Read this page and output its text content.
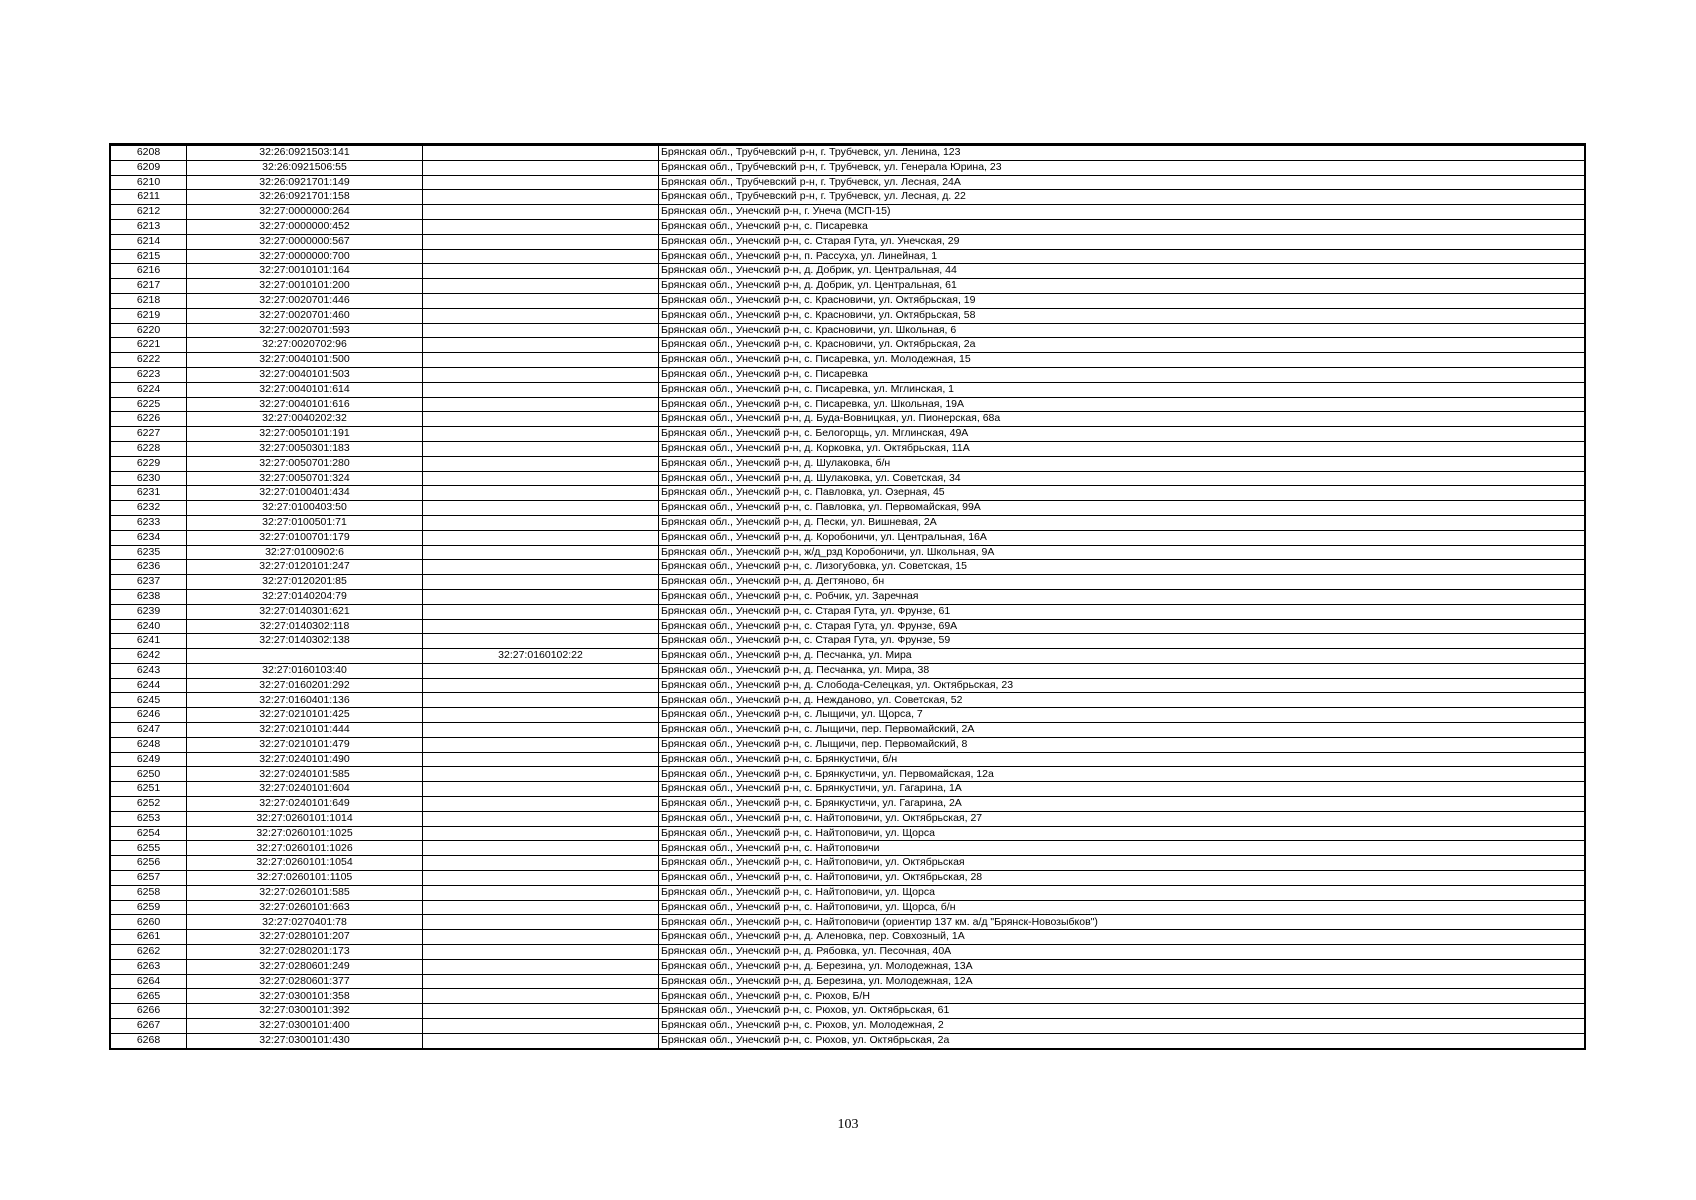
6208	32:26:0921503:141		Брянская обл., Трубчевский р-н, г. Трубчевск, ул. Ленина, 123
6209	32:26:0921506:55		Брянская обл., Трубчевский р-н, г. Трубчевск, ул. Генерала Юрина, 23
6210	32:26:0921701:149		Брянская обл., Трубчевский р-н, г. Трубчевск, ул. Лесная, 24А
6211	32:26:0921701:158		Брянская обл., Трубчевский р-н, г. Трубчевск, ул. Лесная, д. 22
6212	32:27:0000000:264		Брянская обл., Унечский р-н, г. Унеча (МСП-15)
6213	32:27:0000000:452		Брянская обл., Унечский р-н, с. Писаревка
6214	32:27:0000000:567		Брянская обл., Унечский р-н, с. Старая Гута, ул. Унечская, 29
6215	32:27:0000000:700		Брянская обл., Унечский р-н, п. Рассуха, ул. Линейная, 1
6216	32:27:0010101:164		Брянская обл., Унечский р-н, д. Добрик, ул. Центральная, 44
6217	32:27:0010101:200		Брянская обл., Унечский р-н, д. Добрик, ул. Центральная, 61
6218	32:27:0020701:446		Брянская обл., Унечский р-н, с. Красновичи, ул. Октябрьская, 19
6219	32:27:0020701:460		Брянская обл., Унечский р-н, с. Красновичи, ул. Октябрьская, 58
6220	32:27:0020701:593		Брянская обл., Унечский р-н, с. Красновичи, ул. Школьная, 6
6221	32:27:0020702:96		Брянская обл., Унечский р-н, с. Красновичи, ул. Октябрьская, 2а
6222	32:27:0040101:500		Брянская обл., Унечский р-н, с. Писаревка, ул. Молодежная, 15
6223	32:27:0040101:503		Брянская обл., Унечский р-н, с. Писаревка
6224	32:27:0040101:614		Брянская обл., Унечский р-н, с. Писаревка, ул. Мглинская, 1
6225	32:27:0040101:616		Брянская обл., Унечский р-н, с. Писаревка, ул. Школьная, 19А
6226	32:27:0040202:32		Брянская обл., Унечский р-н, д. Буда-Вовницкая, ул. Пионерская, 68а
6227	32:27:0050101:191		Брянская обл., Унечский р-н, с. Белогорщь, ул. Мглинская, 49А
6228	32:27:0050301:183		Брянская обл., Унечский р-н, д. Корковка, ул. Октябрьская, 11А
6229	32:27:0050701:280		Брянская обл., Унечский р-н, д. Шулаковка, б/н
6230	32:27:0050701:324		Брянская обл., Унечский р-н, д. Шулаковка, ул. Советская, 34
6231	32:27:0100401:434		Брянская обл., Унечский р-н, с. Павловка, ул. Озерная, 45
6232	32:27:0100403:50		Брянская обл., Унечский р-н, с. Павловка, ул. Первомайская, 99А
6233	32:27:0100501:71		Брянская обл., Унечский р-н, д. Пески, ул. Вишневая, 2А
6234	32:27:0100701:179		Брянская обл., Унечский р-н, д. Коробоничи, ул. Центральная, 16А
6235	32:27:0100902:6		Брянская обл., Унечский р-н, ж/д_рзд Коробоничи, ул. Школьная, 9А
6236	32:27:0120101:247		Брянская обл., Унечский р-н, с. Лизогубовка, ул. Советская, 15
6237	32:27:0120201:85		Брянская обл., Унечский р-н, д. Дегтяново, бн
6238	32:27:0140204:79		Брянская обл., Унечский р-н, с. Робчик, ул. Заречная
6239	32:27:0140301:621		Брянская обл., Унечский р-н, с. Старая Гута, ул. Фрунзе, 61
6240	32:27:0140302:118		Брянская обл., Унечский р-н, с. Старая Гута, ул. Фрунзе, 69А
6241	32:27:0140302:138		Брянская обл., Унечский р-н, с. Старая Гута, ул. Фрунзе, 59
6242		32:27:0160102:22	Брянская обл., Унечский р-н, д. Песчанка, ул. Мира
6243	32:27:0160103:40		Брянская обл., Унечский р-н, д. Песчанка, ул. Мира, 38
6244	32:27:0160201:292		Брянская обл., Унечский р-н, д. Слобода-Селецкая, ул. Октябрьская, 23
6245	32:27:0160401:136		Брянская обл., Унечский р-н, д. Нежданово, ул. Советская, 52
6246	32:27:0210101:425		Брянская обл., Унечский р-н, с. Лыщичи, ул. Щорса, 7
6247	32:27:0210101:444		Брянская обл., Унечский р-н, с. Лыщичи, пер. Первомайский, 2А
6248	32:27:0210101:479		Брянская обл., Унечский р-н, с. Лыщичи, пер. Первомайский, 8
6249	32:27:0240101:490		Брянская обл., Унечский р-н, с. Брянкустичи, б/н
6250	32:27:0240101:585		Брянская обл., Унечский р-н, с. Брянкустичи, ул. Первомайская, 12а
6251	32:27:0240101:604		Брянская обл., Унечский р-н, с. Брянкустичи, ул. Гагарина, 1А
6252	32:27:0240101:649		Брянская обл., Унечский р-н, с. Брянкустичи, ул. Гагарина, 2А
6253	32:27:0260101:1014		Брянская обл., Унечский р-н, с. Найтоповичи, ул. Октябрьская, 27
6254	32:27:0260101:1025		Брянская обл., Унечский р-н, с. Найтоповичи, ул. Щорса
6255	32:27:0260101:1026		Брянская обл., Унечский р-н, с. Найтоповичи
6256	32:27:0260101:1054		Брянская обл., Унечский р-н, с. Найтоповичи, ул. Октябрьская
6257	32:27:0260101:1105		Брянская обл., Унечский р-н, с. Найтоповичи, ул. Октябрьская, 28
6258	32:27:0260101:585		Брянская обл., Унечский р-н, с. Найтоповичи, ул. Щорса
6259	32:27:0260101:663		Брянская обл., Унечский р-н, с. Найтоповичи, ул. Щорса, б/н
6260	32:27:0270401:78		Брянская обл., Унечский р-н, с. Найтоповичи (ориентир 137 км. а/д "Брянск-Новозыбков")
6261	32:27:0280101:207		Брянская обл., Унечский р-н, д. Аленовка, пер. Совхозный, 1А
6262	32:27:0280201:173		Брянская обл., Унечский р-н, д. Рябовка, ул. Песочная, 40А
6263	32:27:0280601:249		Брянская обл., Унечский р-н, д. Березина, ул. Молодежная, 13А
6264	32:27:0280601:377		Брянская обл., Унечский р-н, д. Березина, ул. Молодежная, 12А
6265	32:27:0300101:358		Брянская обл., Унечский р-н, с. Рюхов, Б/Н
6266	32:27:0300101:392		Брянская обл., Унечский р-н, с. Рюхов, ул. Октябрьская, 61
6267	32:27:0300101:400		Брянская обл., Унечский р-н, с. Рюхов, ул. Молодежная, 2
6268	32:27:0300101:430		Брянская обл., Унечский р-н, с. Рюхов, ул. Октябрьская, 2а
103
